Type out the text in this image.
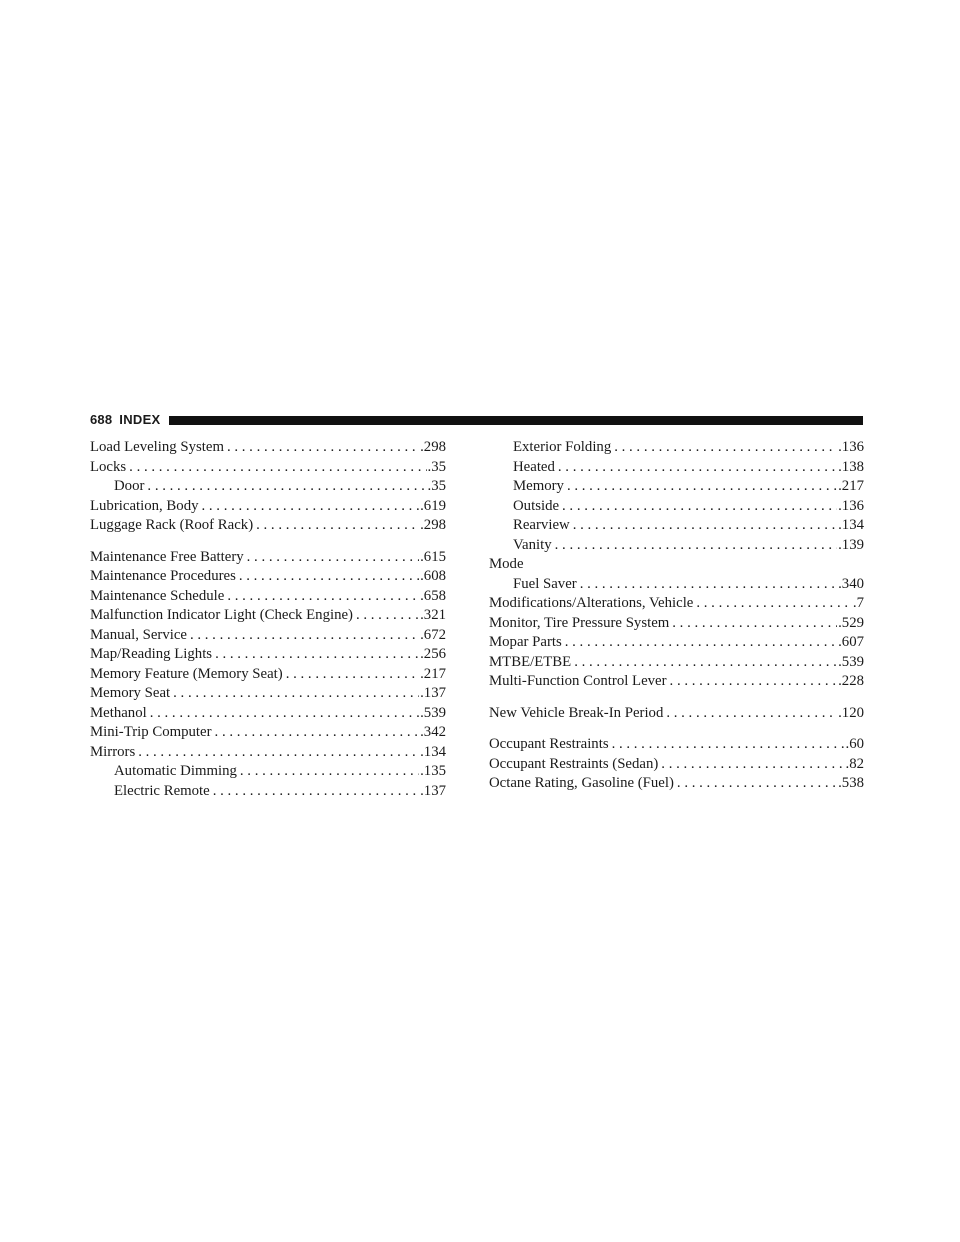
688 INDEX
Load Leveling System . . .	.298
Locks . . .	.35
Door . . .	.35
Lubrication, Body . . .	.619
Luggage Rack (Roof Rack) . . .	.298
Maintenance Free Battery . . .	.615
Maintenance Procedures . . .	.608
Maintenance Schedule . . .	.658
Malfunction Indicator Light (Check Engine) . . .	.321
Manual, Service . . .	.672
Map/Reading Lights . . .	.256
Memory Feature (Memory Seat) . . .	.217
Memory Seat . . .	.137
Methanol . . .	.539
Mini-Trip Computer . . .	.342
Mirrors . . .	.134
Automatic Dimming . . .	.135
Electric Remote . . .	.137
Exterior Folding . . .	.136
Heated . . .	.138
Memory . . .	.217
Outside . . .	.136
Rearview . . .	.134
Vanity . . .	.139
Mode
Fuel Saver . . .	.340
Modifications/Alterations, Vehicle . . .	.7
Monitor, Tire Pressure System . . .	.529
Mopar Parts . . .	.607
MTBE/ETBE . . .	.539
Multi-Function Control Lever . . .	.228
New Vehicle Break-In Period . . .	.120
Occupant Restraints . . .	.60
Occupant Restraints (Sedan) . . .	.82
Octane Rating, Gasoline (Fuel) . . .	.538
